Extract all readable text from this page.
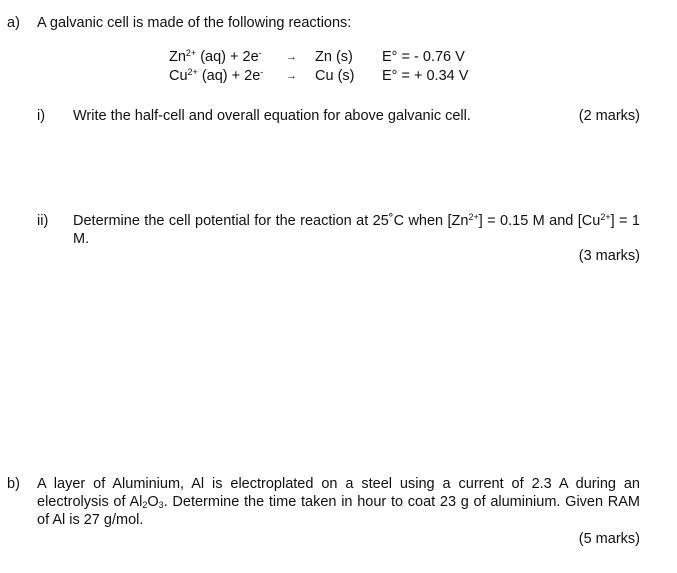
a) A galvanic cell is made of the following reactions:
$Zn^{2+}$ (aq) + 2e- → Zn (s) E° = - 0.76 V
$Cu^{2+}$ (aq) + 2e- → Cu (s) E° = + 0.34 V
i) Write the half-cell and overall equation for above galvanic cell.	(2 marks)
ii) Determine the cell potential for the reaction at 25˚C when $[Zn^{2+}] = 0.15$ M and $[Cu^{2+}] = 1$ M.
(3 marks)
b) A layer of Aluminium, Al is electroplated on a steel using a current of 2.3 A during an electrolysis of $Al_2O_3$. Determine the time taken in hour to coat 23 g of aluminium. Given RAM of Al is 27 g/mol.
(5 marks)
